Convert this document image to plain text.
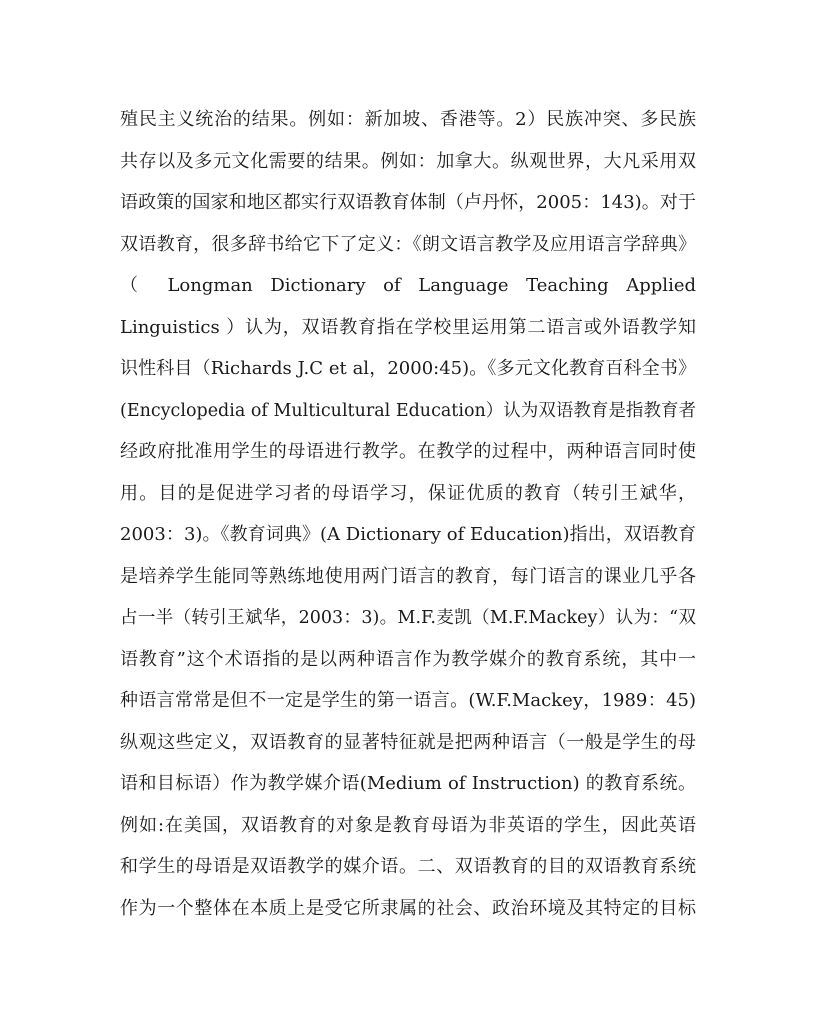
殖民主义统治的结果。例如：新加坡、香港等。2）民族冲突、多民族
共存以及多元文化需要的结果。例如：加拿大。纵观世界，大凡采用双
语政策的国家和地区都实行双语教育体制（卢丹怀，2005：143)。对于
双语教育，很多辞书给它下了定义：《朗文语言教学及应用语言学辞典》
（ Longman Dictionary of Language Teaching Applied
Linguistics ）认为，双语教育指在学校里运用第二语言或外语教学知
识性科目（Richards J.C et al，2000:45)。《多元文化教育百科全书》
(Encyclopedia of Multicultural Education）认为双语教育是指教育者
经政府批准用学生的母语进行教学。在教学的过程中，两种语言同时使
用。目的是促进学习者的母语学习，保证优质的教育（转引王斌华，
2003：3)。《教育词典》(A Dictionary of Education)指出，双语教育
是培养学生能同等熟练地使用两门语言的教育，每门语言的课业几乎各
占一半（转引王斌华，2003：3)。M.F.麦凯（M.F.Mackey）认为：“双
语教育”这个术语指的是以两种语言作为教学媒介的教育系统，其中一
种语言常常是但不一定是学生的第一语言。(W.F.Mackey，1989：45)
纵观这些定义，双语教育的显著特征就是把两种语言（一般是学生的母
语和目标语）作为教学媒介语(Medium of Instruction) 的教育系统。
例如:在美国，双语教育的对象是教育母语为非英语的学生，因此英语
和学生的母语是双语教学的媒介语。二、双语教育的目的双语教育系统
作为一个整体在本质上是受它所隶属的社会、政治环境及其特定的目标
